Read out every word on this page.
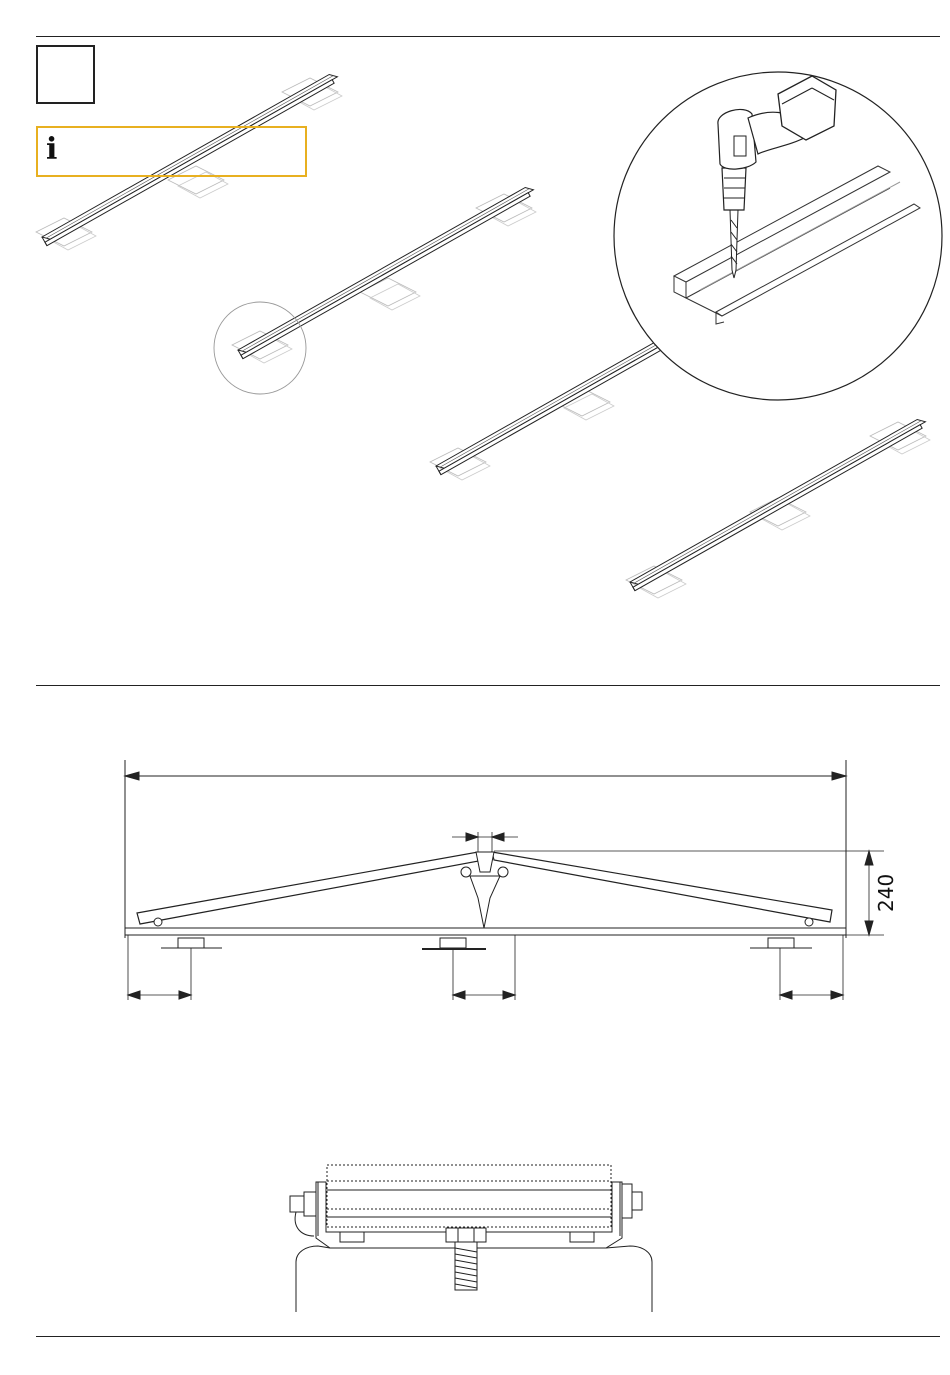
240
i
